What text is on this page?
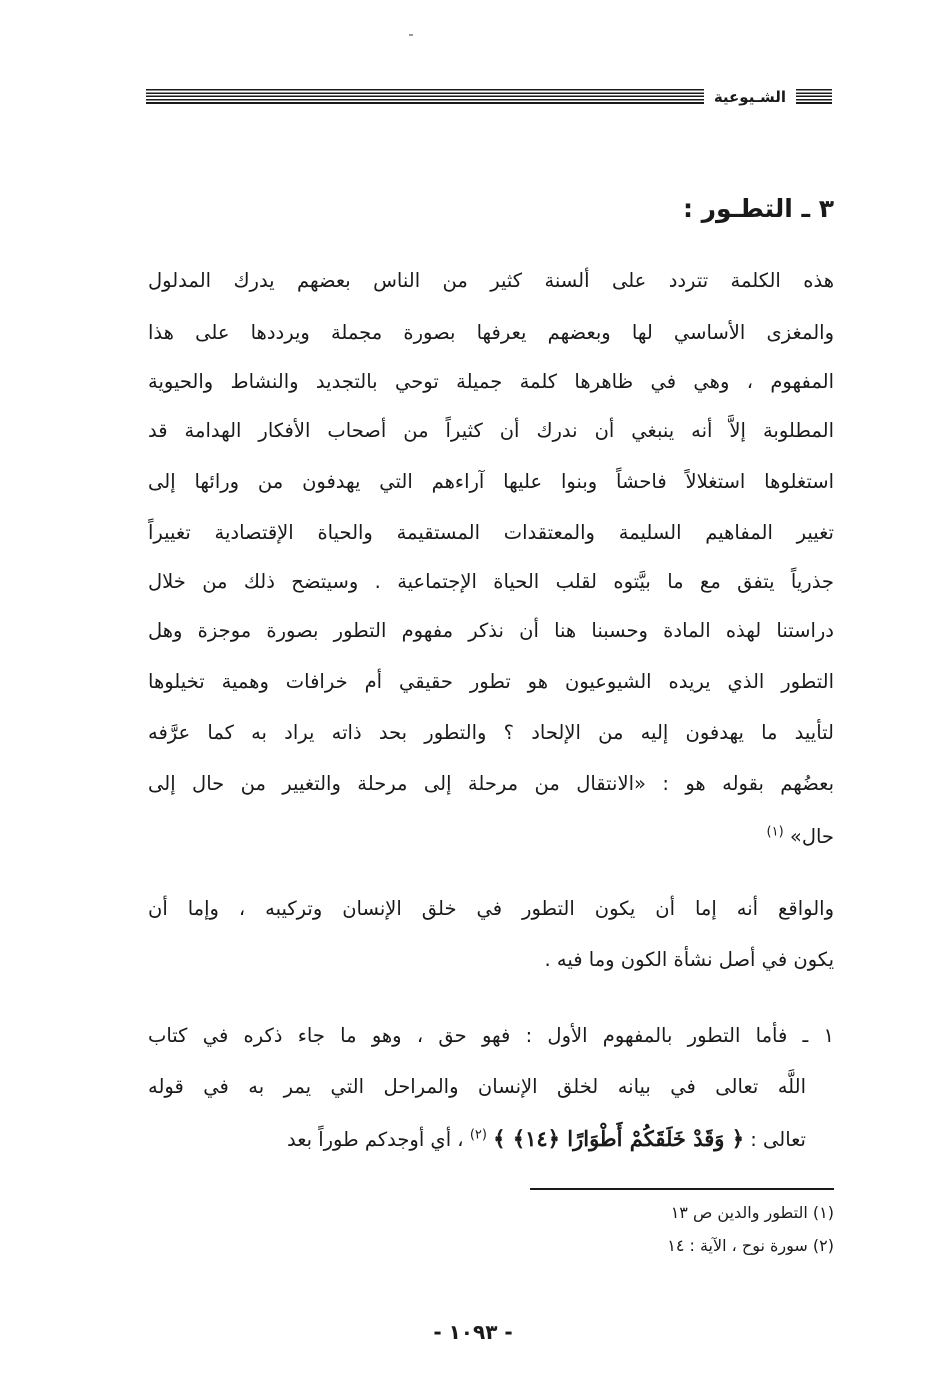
الشـيوعية
٣ ـ التطـور :
هذه الكلمة تتردد على ألسنة كثير من الناس بعضهم يدرك المدلول
والمغزى الأساسي لها وبعضهم يعرفها بصورة مجملة ويرددها على هذا
المفهوم ، وهي في ظاهرها كلمة جميلة توحي بالتجديد والنشاط والحيوية
المطلوبة إلاَّ أنه ينبغي أن ندرك أن كثيراً من أصحاب الأفكار الهدامة قد
استغلوها استغلالاً فاحشاً وبنوا عليها آراءهم التي يهدفون من ورائها إلى
تغيير المفاهيم السليمة والمعتقدات المستقيمة والحياة الإقتصادية تغييراً
جذرياً يتفق مع ما بيَّتوه لقلب الحياة الإجتماعية . وسيتضح ذلك من خلال
دراستنا لهذه المادة وحسبنا هنا أن نذكر مفهوم التطور بصورة موجزة وهل
التطور الذي يريده الشيوعيون هو تطور حقيقي أم خرافات وهمية تخيلوها
لتأييد ما يهدفون إليه من الإلحاد ؟ والتطور بحد ذاته يراد به كما عرَّفه
بعضُهم بقوله هو : «الانتقال من مرحلة إلى مرحلة والتغيير من حال إلى
حال» $^{(١)}$
والواقع أنه إما أن يكون التطور في خلق الإنسان وتركيبه ، وإما أن
يكون في أصل نشأة الكون وما فيه .
١ ـ فأما التطور بالمفهوم الأول : فهو حق ، وهو ما جاء ذكره في كتاب
اللَّه تعالى في بيانه لخلق الإنسان والمراحل التي يمر به في قوله
تعالى : ﴿ وَقَدْ خَلَقَكُمْ أَطْوَارًا ﴿١٤﴾ ﴾ $^{(٢)}$ ، أي أوجدكم طوراً بعد
(١) التطور والدين ص ١٣
(٢) سورة نوح ، الآية : ١٤
- ١٠٩٣ -
